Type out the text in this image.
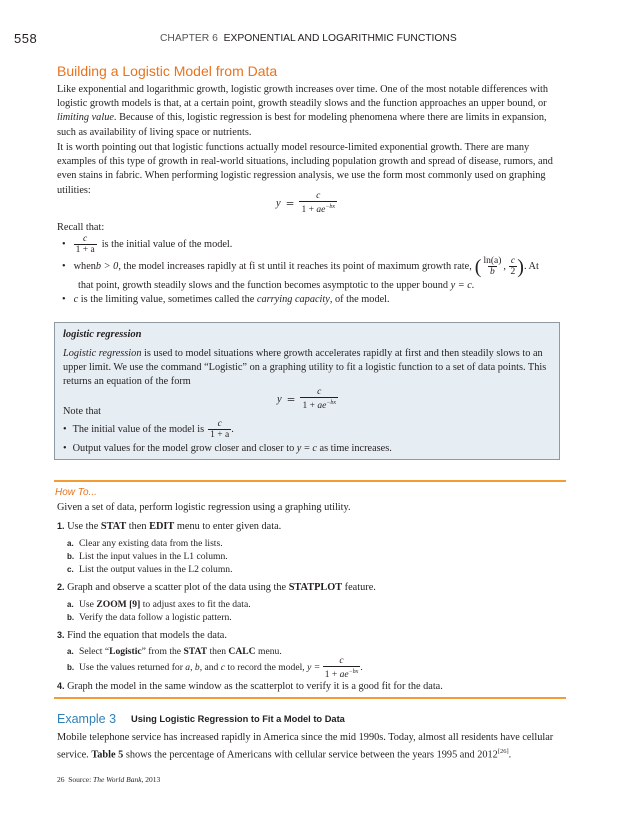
558	CHAPTER 6 EXPONENTIAL AND LOGARITHMIC FUNCTIONS
Building a Logistic Model from Data
Like exponential and logarithmic growth, logistic growth increases over time. One of the most notable differences with logistic growth models is that, at a certain point, growth steadily slows and the function approaches an upper bound, or limiting value. Because of this, logistic regression is best for modeling phenomena where there are limits in expansion, such as availability of living space or nutrients.
It is worth pointing out that logistic functions actually model resource-limited exponential growth. There are many examples of this type of growth in real-world situations, including population growth and spread of disease, rumors, and even stains in fabric. When performing logistic regression analysis, we use the form most commonly used on graphing utilities:
$y = \frac{c}{1 + ae^{-bx}}$
Recall that:
• $\frac{c}{1 + a}$ is the initial value of the model.
• when b > 0 , the model increases rapidly at fi st until it reaches its point of maximum growth rate, ( $\frac{\ln(a)}{b}$ , $\frac{c}{2}$ ) . At
that point, growth steadily slows and the function becomes asymptotic to the upper bound y = c.
• c is the limiting value, sometimes called the carrying capacity, of the model.
logistic regression
Logistic regression is used to model situations where growth accelerates rapidly at first and then steadily slows to an upper limit. We use the command “Logistic” on a graphing utility to fit a logistic function to a set of data points. This returns an equation of the form
$y = \frac{c}{1 + ae^{-bx}}$
Note that
• The initial value of the model is $\frac{c}{1 + a}$ .
• Output values for the model grow closer and closer to y = c as time increases.
How To...
Given a set of data, perform logistic regression using a graphing utility.
1. Use the STAT then EDIT menu to enter given data.
a. Clear any existing data from the lists.
b. List the input values in the L1 column.
c. List the output values in the L2 column.
2. Graph and observe a scatter plot of the data using the STATPLOT feature.
a. Use ZOOM [9] to adjust axes to fit the data.
b. Verify the data follow a logistic pattern.
3. Find the equation that models the data.
a. Select “Logistic” from the STAT then CALC menu.
b. Use the values returned for a, b, and c to record the model, $y = \frac{c}{1 + ae^{-bx}}$ .
4. Graph the model in the same window as the scatterplot to verify it is a good fit for the data.
Example 3 Using Logistic Regression to Fit a Model to Data
Mobile telephone service has increased rapidly in America since the mid 1990s. Today, almost all residents have cellular service. Table 5 shows the percentage of Americans with cellular service between the years 1995 and 2012[26].
26 Source: The World Bank, 2013
